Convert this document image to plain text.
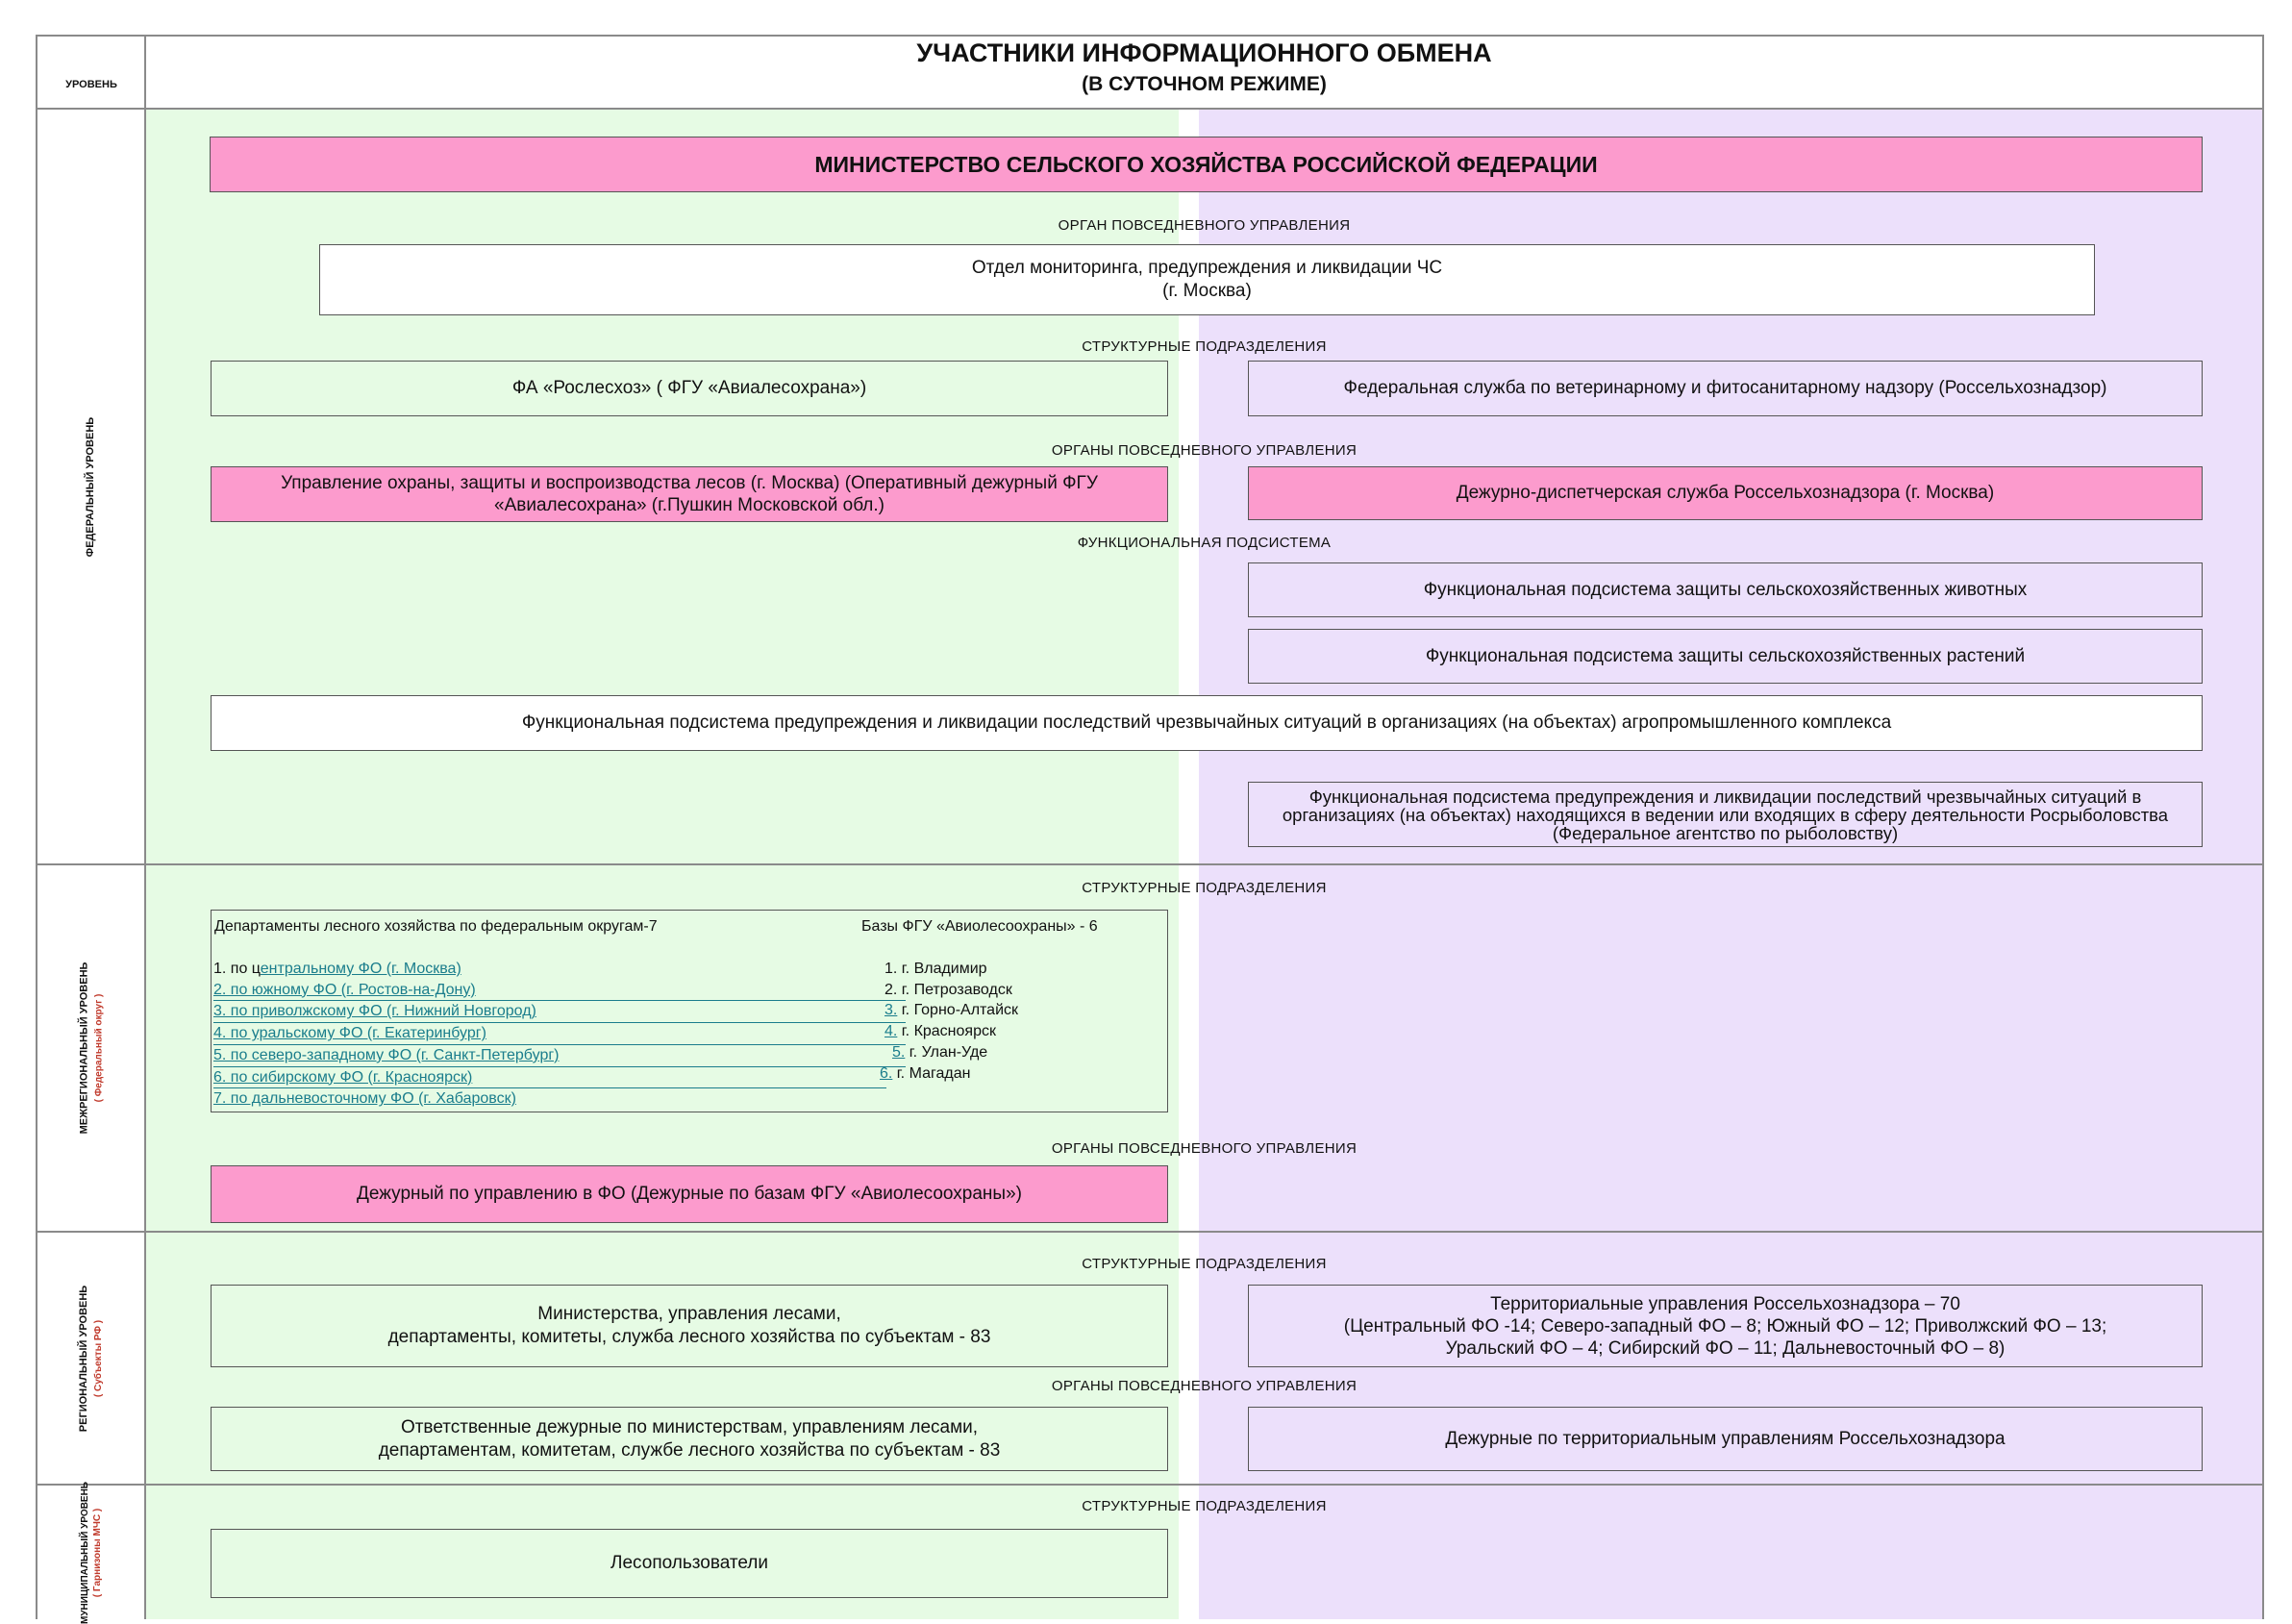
УРОВЕНЬ
УЧАСТНИКИ ИНФОРМАЦИОННОГО ОБМЕНА
(В СУТОЧНОМ РЕЖИМЕ)
ФЕДЕРАЛЬНЫЙ УРОВЕНЬ
МЕЖРЕГИОНАЛЬНЫЙ УРОВЕНЬ ( Федеральный округ )
РЕГИОНАЛЬНЫЙ УРОВЕНЬ ( Субъекты РФ )
МУНИЦИПАЛЬНЫЙ УРОВЕНЬ ( Гарнизоны МЧС )
МИНИСТЕРСТВО СЕЛЬСКОГО ХОЗЯЙСТВА РОССИЙСКОЙ ФЕДЕРАЦИИ
ОРГАН ПОВСЕДНЕВНОГО УПРАВЛЕНИЯ
Отдел мониторинга, предупреждения и ликвидации ЧС
(г. Москва)
СТРУКТУРНЫЕ ПОДРАЗДЕЛЕНИЯ
ФА «Рослесхоз» ( ФГУ «Авиалесохрана»)	Федеральная служба по ветеринарному и фитосанитарному надзору (Россельхознадзор)
ОРГАНЫ ПОВСЕДНЕВНОГО УПРАВЛЕНИЯ
Управление охраны, защиты и воспроизводства лесов (г. Москва) (Оперативный дежурный ФГУ «Авиалесохрана» (г.Пушкин Московской обл.)
Дежурно-диспетчерская служба Россельхознадзора (г. Москва)
ФУНКЦИОНАЛЬНАЯ ПОДСИСТЕМА
Функциональная подсистема защиты сельскохозяйственных животных
Функциональная подсистема защиты сельскохозяйственных растений
Функциональная подсистема предупреждения и ликвидации последствий чрезвычайных ситуаций в организациях (на объектах) агропромышленного комплекса
Функциональная подсистема предупреждения и ликвидации последствий чрезвычайных ситуаций в организациях (на объектах) находящихся в ведении или входящих в сферу деятельности Росрыболовства (Федеральное агентство по рыболовству)
СТРУКТУРНЫЕ ПОДРАЗДЕЛЕНИЯ
Департаменты лесного хозяйства по федеральным округам-7	Базы ФГУ «Авиолесоохраны» - 6
1. по центральному ФО (г. Москва)
2. по южному ФО (г. Ростов-на-Дону)
3. по приволжскому ФО (г. Нижний Новгород)
4. по уральскому ФО (г. Екатеринбург)
5. по северо-западному ФО (г. Санкт-Петербург)
6. по сибирскому ФО (г. Красноярск)
7. по дальневосточному ФО (г. Хабаровск)
1. г. Владимир
2. г. Петрозаводск
3. г. Горно-Алтайск
4. г. Красноярск
5. г. Улан-Уде
6. г. Магадан
ОРГАНЫ ПОВСЕДНЕВНОГО УПРАВЛЕНИЯ
Дежурный по управлению в ФО (Дежурные по базам ФГУ «Авиолесоохраны»)
СТРУКТУРНЫЕ ПОДРАЗДЕЛЕНИЯ
Министерства, управления лесами,
департаменты, комитеты, служба лесного хозяйства по субъектам - 83
Территориальные управления Россельхознадзора – 70
(Центральный ФО -14; Северо-западный ФО – 8; Южный ФО – 12; Приволжский ФО – 13;
Уральский ФО – 4; Сибирский ФО – 11; Дальневосточный ФО – 8)
ОРГАНЫ ПОВСЕДНЕВНОГО УПРАВЛЕНИЯ
Ответственные дежурные по министерствам, управлениям лесами,
департаментам, комитетам, службе лесного хозяйства по субъектам - 83
Дежурные по территориальным управлениям Россельхознадзора
СТРУКТУРНЫЕ ПОДРАЗДЕЛЕНИЯ
Лесопользователи
